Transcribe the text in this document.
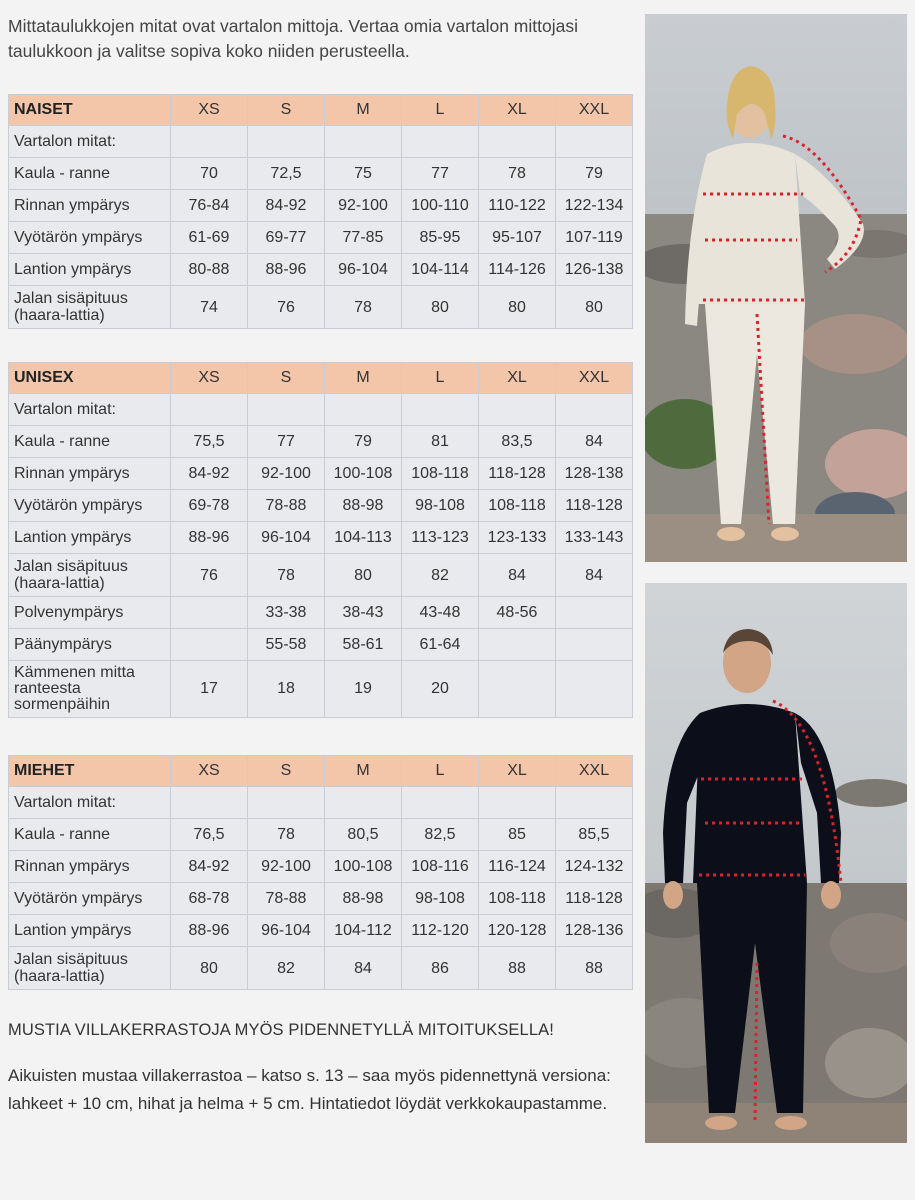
Mittataulukkojen mitat ovat vartalon mittoja. Vertaa omia vartalon mittojasi taulukkoon ja valitse sopiva koko niiden perusteella.
NAISET	XS	S	M	L	XL	XXL
Vartalon mitat:						
Kaula - ranne	70	72,5	75	77	78	79
Rinnan ympärys	76-84	84-92	92-100	100-110	110-122	122-134
Vyötärön ympärys	61-69	69-77	77-85	85-95	95-107	107-119
Lantion ympärys	80-88	88-96	96-104	104-114	114-126	126-138
Jalan sisäpituus
(haara-lattia)	74	76	78	80	80	80
UNISEX	XS	S	M	L	XL	XXL
Vartalon mitat:						
Kaula - ranne	75,5	77	79	81	83,5	84
Rinnan ympärys	84-92	92-100	100-108	108-118	118-128	128-138
Vyötärön ympärys	69-78	78-88	88-98	98-108	108-118	118-128
Lantion ympärys	88-96	96-104	104-113	113-123	123-133	133-143
Jalan sisäpituus
(haara-lattia)	76	78	80	82	84	84
Polvenympärys		33-38	38-43	43-48	48-56	
Päänympärys		55-58	58-61	61-64		
Kämmenen mitta
ranteesta
sormenpäihin	17	18	19	20		
MIEHET	XS	S	M	L	XL	XXL
Vartalon mitat:						
Kaula - ranne	76,5	78	80,5	82,5	85	85,5
Rinnan ympärys	84-92	92-100	100-108	108-116	116-124	124-132
Vyötärön ympärys	68-78	78-88	88-98	98-108	108-118	118-128
Lantion ympärys	88-96	96-104	104-112	112-120	120-128	128-136
Jalan sisäpituus
(haara-lattia)	80	82	84	86	88	88
MUSTIA VILLAKERRASTOJA MYÖS PIDENNETYLLÄ MITOITUKSELLA!
Aikuisten mustaa villakerrastoa – katso s. 13 – saa myös pidennettynä versiona: lahkeet + 10 cm, hihat ja helma + 5 cm. Hintatiedot löydät verkkokaupastamme.
